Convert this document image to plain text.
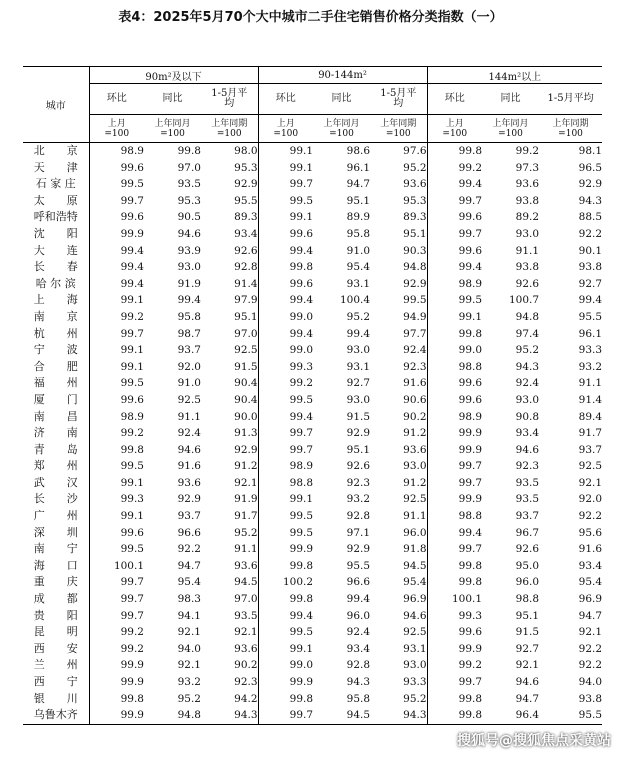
表4：2025年5月70个大中城市二手住宅销售价格分类指数（一）
城市	90m²及以下			90-144m²			144m²以上		
	环比	同比	1-5月平均	环比	同比	1-5月平均	环比	同比	1-5月平均
	上月=100	上年同月=100	上年同期=100	上月=100	上年同月=100	上年同期=100	上月=100	上年同月=100	上年同期=100
北　　京	98.9	99.8	98.0	99.1	98.6	97.6	99.8	99.2	98.1
天　　津	99.6	97.0	95.3	99.1	96.1	95.2	99.2	97.3	96.5
石 家 庄	99.5	93.5	92.9	99.7	94.7	93.6	99.4	93.6	92.9
太　　原	99.7	95.3	95.5	99.5	95.1	95.3	99.7	93.8	94.3
呼和浩特	99.6	90.5	89.3	99.1	89.9	89.3	99.6	89.2	88.5
沈　　阳	99.9	94.6	93.4	99.6	95.8	95.1	99.7	93.0	92.2
大　　连	99.4	93.9	92.6	99.4	91.0	90.3	99.6	91.1	90.1
长　　春	99.4	93.0	92.8	99.8	95.4	94.8	99.4	93.8	93.8
哈 尔 滨	99.4	91.9	91.4	99.6	93.1	92.9	98.9	92.6	92.7
上　　海	99.1	99.4	97.9	99.4	100.4	99.5	99.5	100.7	99.4
南　　京	99.2	95.8	95.1	99.0	95.2	94.9	99.1	94.8	95.5
杭　　州	99.7	98.7	97.0	99.4	99.4	97.7	99.8	97.4	96.1
宁　　波	99.1	93.7	92.5	99.0	93.0	92.4	99.0	95.2	93.3
合　　肥	99.1	92.0	91.5	99.3	93.1	92.3	98.8	94.3	93.2
福　　州	99.5	91.0	90.4	99.2	92.7	91.6	99.6	92.4	91.1
厦　　门	99.6	92.5	90.4	99.5	93.0	90.6	99.6	93.0	91.4
南　　昌	98.9	91.1	90.0	99.4	91.5	90.2	98.9	90.8	89.4
济　　南	99.2	92.4	91.3	99.7	92.9	91.2	99.9	93.4	91.7
青　　岛	99.8	94.6	92.9	99.7	95.1	93.6	99.9	94.6	93.7
郑　　州	99.5	91.6	91.2	98.9	92.6	93.0	99.7	92.3	92.5
武　　汉	99.1	93.6	92.1	98.8	92.3	91.2	99.7	93.5	92.1
长　　沙	99.3	92.9	91.9	99.1	93.2	92.5	99.9	93.5	92.0
广　　州	99.1	93.7	91.7	99.5	92.8	91.1	98.8	93.7	92.2
深　　圳	99.6	96.6	95.2	99.5	97.1	96.0	99.4	96.7	95.6
南　　宁	99.5	92.2	91.1	99.9	92.9	91.8	99.7	92.6	91.6
海　　口	100.1	94.7	93.6	99.8	95.5	94.5	99.8	95.0	93.4
重　　庆	99.7	95.4	94.5	100.2	96.6	95.4	99.8	96.0	95.4
成　　都	99.7	98.3	97.0	99.8	99.4	96.9	100.1	98.8	96.9
贵　　阳	99.7	94.1	93.5	99.4	96.0	94.6	99.3	95.1	94.7
昆　　明	99.2	92.1	92.1	99.5	92.4	92.5	99.6	91.5	92.1
西　　安	99.2	94.0	93.6	99.1	93.4	93.1	99.9	92.7	92.2
兰　　州	99.9	92.1	90.2	99.0	92.8	93.0	99.2	92.1	92.2
西　　宁	99.9	93.2	92.3	99.9	94.3	93.3	99.7	94.6	94.0
银　　川	99.8	95.2	94.2	99.8	95.8	95.2	99.8	94.7	93.8
乌鲁木齐	99.9	94.8	94.3	99.7	94.5	94.3	99.8	96.4	95.5
搜狐号@搜狐焦点采黄站
